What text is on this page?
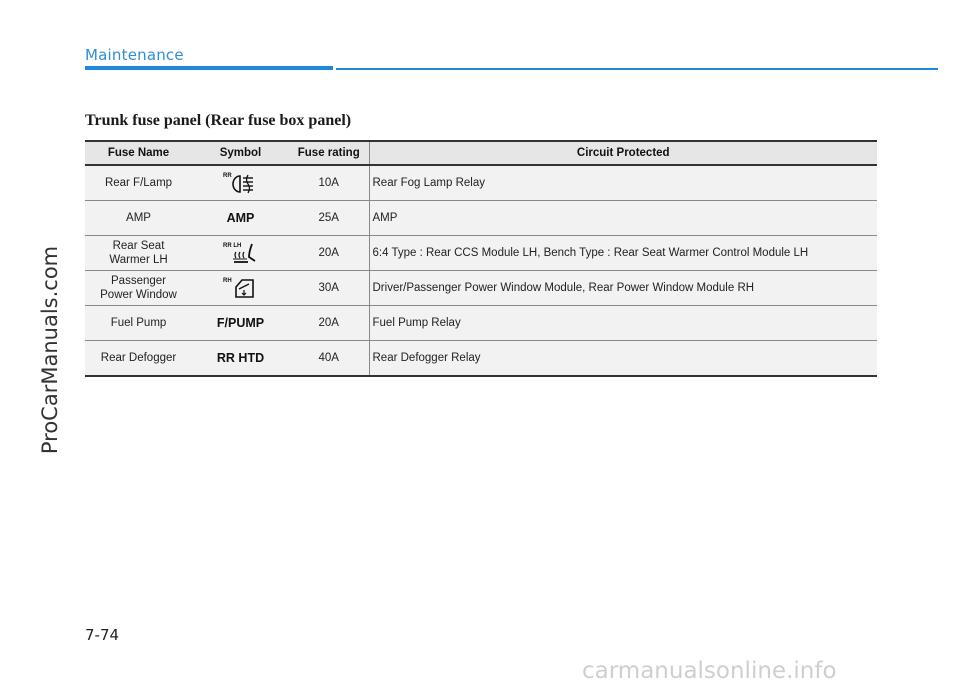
Maintenance
ProCarManuals.com
Trunk fuse panel (Rear fuse box panel)
Fuse Name	Symbol	Fuse rating	Circuit Protected
Rear F/Lamp	RR	10A	Rear Fog Lamp Relay
AMP	AMP	25A	AMP
Rear Seat
Warmer LH	RR LH	20A	6:4 Type : Rear CCS Module LH, Bench Type : Rear Seat Warmer Control Module LH
Passenger
Power Window	RH	30A	Driver/Passenger Power Window Module, Rear Power Window Module RH
Fuel Pump	F/PUMP	20A	Fuel Pump Relay
Rear Defogger	RR HTD	40A	Rear Defogger Relay
7-74
carmanualsonline.info
